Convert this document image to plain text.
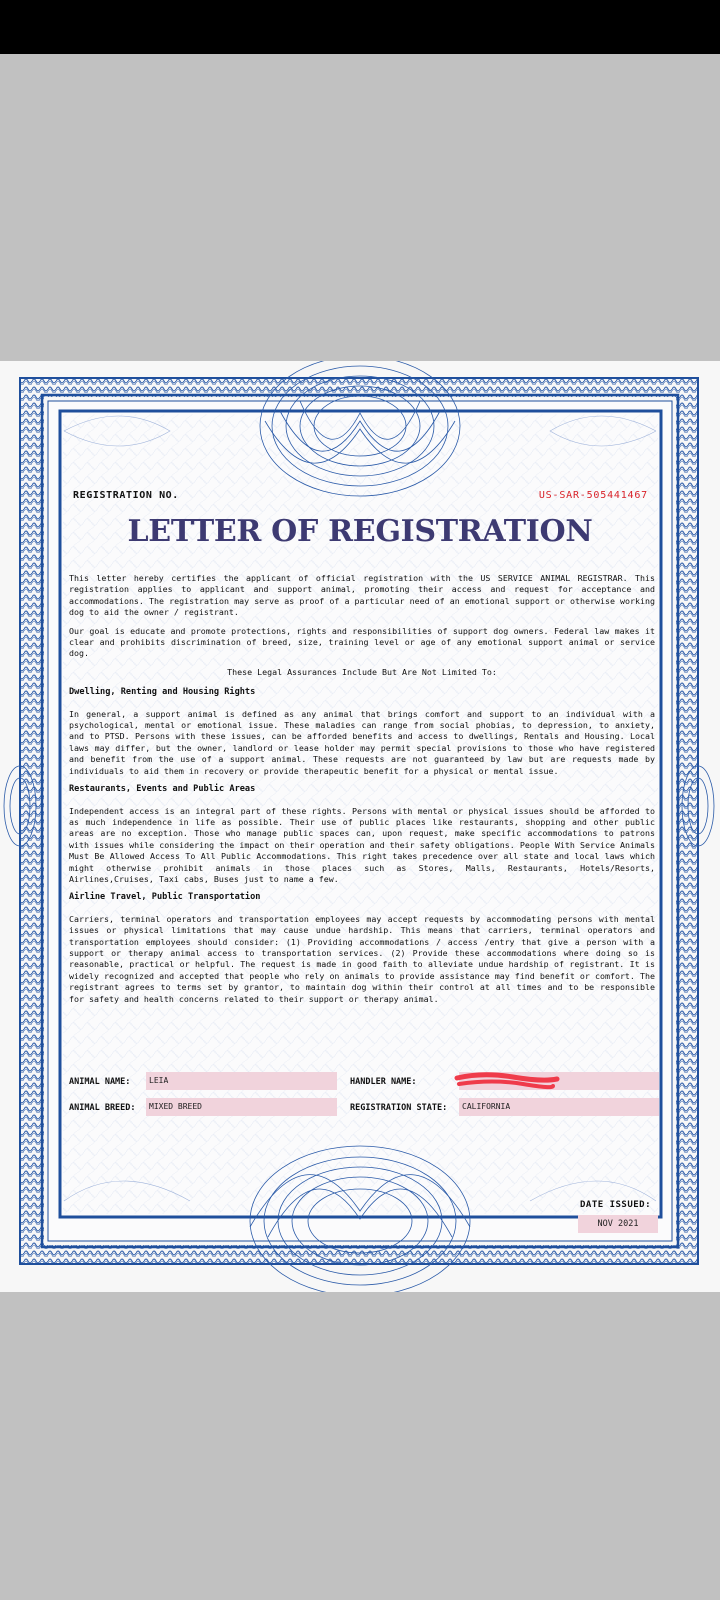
REGISTRATION NO.	US-SAR-505441467
LETTER OF REGISTRATION

This letter hereby certifies the applicant of official registration with the US SERVICE ANIMAL REGISTRAR. This registration applies to applicant and support animal, promoting their access and request for acceptance and accommodations. The registration may serve as proof of a particular need of an emotional support or otherwise working dog to aid the owner / registrant.

Our goal is educate and promote protections, rights and responsibilities of support dog owners. Federal law makes it clear and prohibits discrimination of breed, size, training level or age of any emotional support animal or service dog.

These Legal Assurances Include But Are Not Limited To:

Dwelling, Renting and Housing Rights

In general, a support animal is defined as any animal that brings comfort and support to an individual with a psychological, mental or emotional issue. These maladies can range from social phobias, to depression, to anxiety, and to PTSD. Persons with these issues, can be afforded benefits and access to dwellings, Rentals and Housing. Local laws may differ, but the owner, landlord or lease holder may permit special provisions to those who have registered and benefit from the use of a support animal. These requests are not guaranteed by law but are requests made by individuals to aid them in recovery or provide therapeutic benefit for a physical or mental issue.

Restaurants, Events and Public Areas

Independent access is an integral part of these rights. Persons with mental or physical issues should be afforded to as much independence in life as possible. Their use of public places like restaurants, shopping and other public areas are no exception. Those who manage public spaces can, upon request, make specific accommodations to patrons with issues while considering the impact on their operation and their safety obligations. People With Service Animals Must Be Allowed Access To All Public Accommodations. This right takes precedence over all state and local laws which might otherwise prohibit animals in those places such as Stores, Malls, Restaurants, Hotels/Resorts, Airlines,Cruises, Taxi cabs, Buses just to name a few.

Airline Travel, Public Transportation

Carriers, terminal operators and transportation employees may accept requests by accommodating persons with mental issues or physical limitations that may cause undue hardship. This means that carriers, terminal operators and transportation employees should consider: (1) Providing accommodations / access /entry that give a person with a support or therapy animal access to transportation services. (2) Provide these accommodations where doing so is reasonable, practical or helpful. The request is made in good faith to alleviate undue hardship of registrant. It is widely recognized and accepted that people who rely on animals to provide assistance may find benefit or comfort. The registrant agrees to terms set by grantor, to maintain dog within their control at all times and to be responsible for safety and health concerns related to their support or therapy animal.

ANIMAL NAME:	LEIA	HANDLER NAME:
ANIMAL BREED:	MIXED BREED	REGISTRATION STATE:	CALIFORNIA
DATE ISSUED:
NOV 2021
